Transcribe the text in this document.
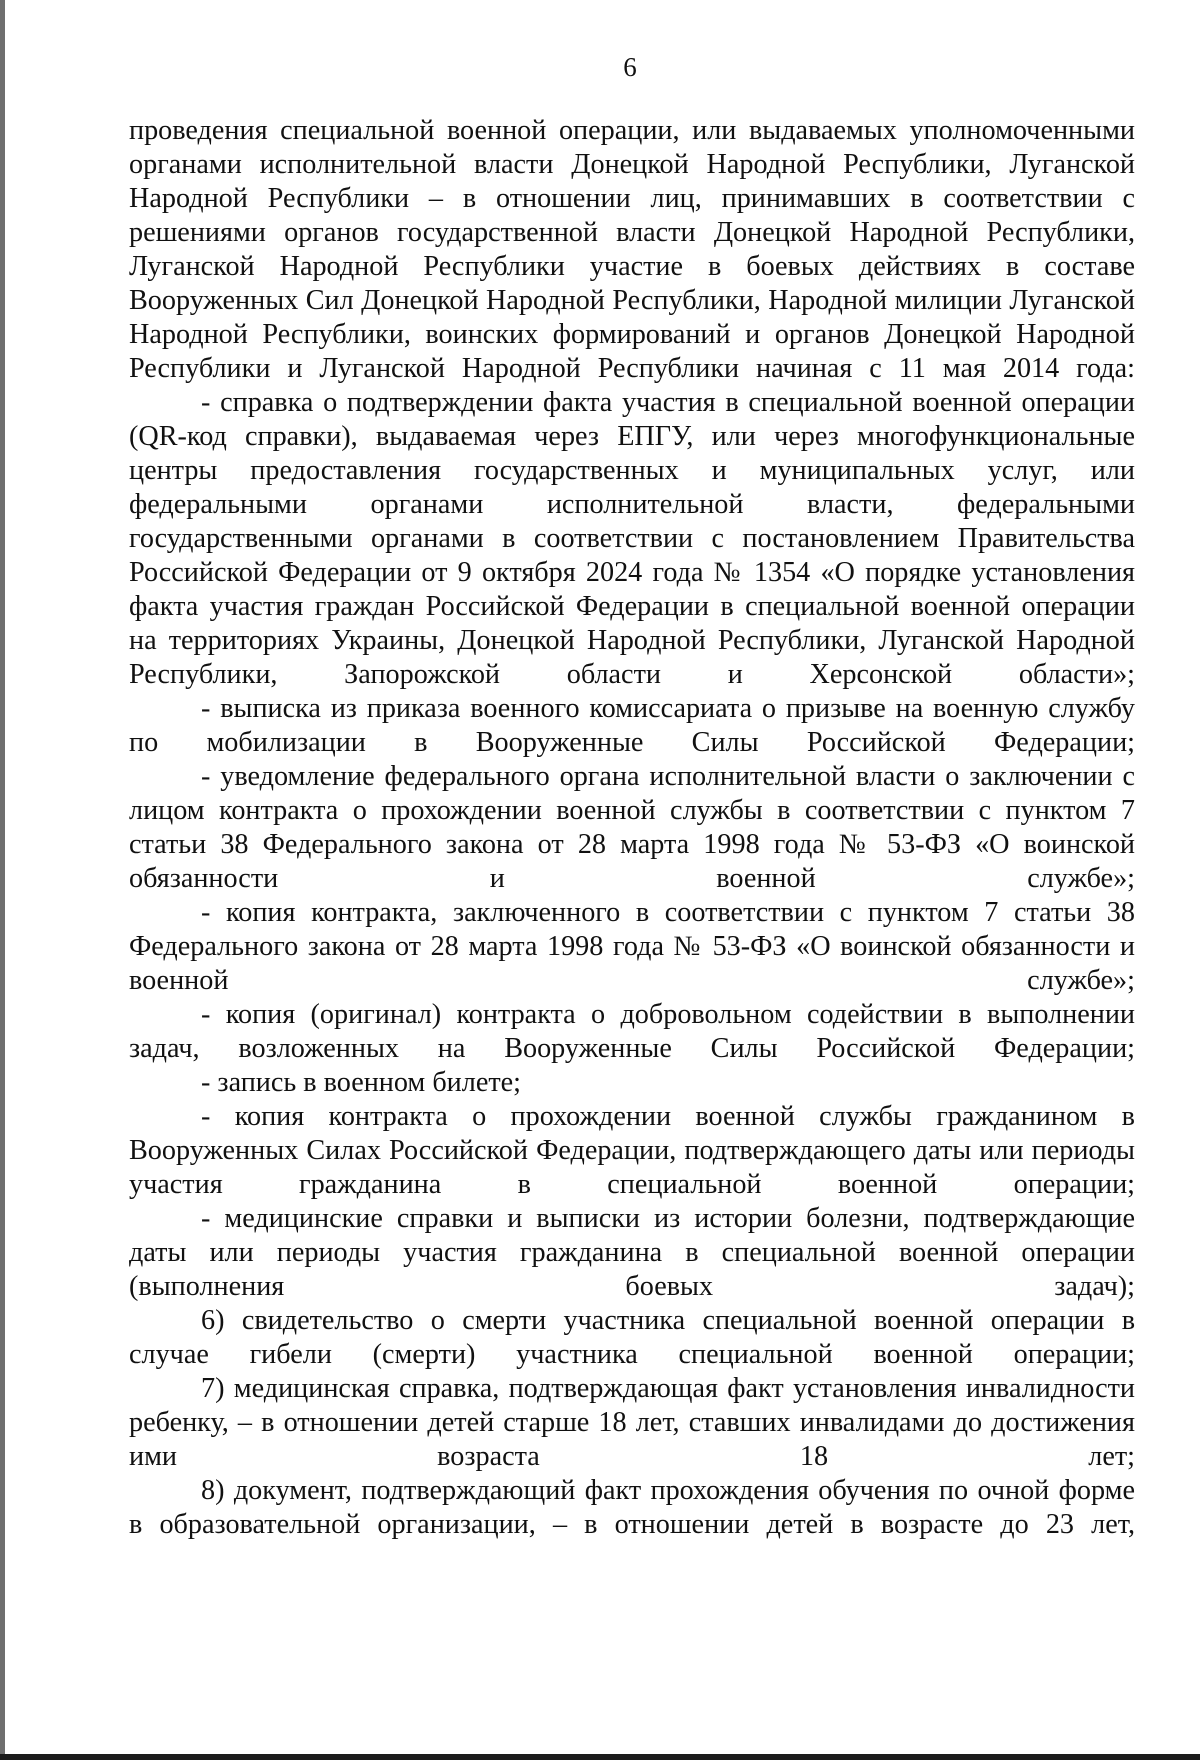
6

проведения специальной военной операции, или выдаваемых уполномоченными органами исполнительной власти Донецкой Народной Республики, Луганской Народной Республики – в отношении лиц, принимавших в соответствии с решениями органов государственной власти Донецкой Народной Республики, Луганской Народной Республики участие в боевых действиях в составе Вооруженных Сил Донецкой Народной Республики, Народной милиции Луганской Народной Республики, воинских формирований и органов Донецкой Народной Республики и Луганской Народной Республики начиная с 11 мая 2014 года:

- справка о подтверждении факта участия в специальной военной операции (QR-код справки), выдаваемая через ЕПГУ, или через многофункциональные центры предоставления государственных и муниципальных услуг, или федеральными органами исполнительной власти, федеральными государственными органами в соответствии с постановлением Правительства Российской Федерации от 9 октября 2024 года № 1354 «О порядке установления факта участия граждан Российской Федерации в специальной военной операции на территориях Украины, Донецкой Народной Республики, Луганской Народной Республики, Запорожской области и Херсонской области»;

- выписка из приказа военного комиссариата о призыве на военную службу по мобилизации в Вооруженные Силы Российской Федерации;

- уведомление федерального органа исполнительной власти о заключении с лицом контракта о прохождении военной службы в соответствии с пунктом 7 статьи 38 Федерального закона от 28 марта 1998 года № 53-ФЗ «О воинской обязанности и военной службе»;

- копия контракта, заключенного в соответствии с пунктом 7 статьи 38 Федерального закона от 28 марта 1998 года № 53-ФЗ «О воинской обязанности и военной службе»;

- копия (оригинал) контракта о добровольном содействии в выполнении задач, возложенных на Вооруженные Силы Российской Федерации;

- запись в военном билете;

- копия контракта о прохождении военной службы гражданином в Вооруженных Силах Российской Федерации, подтверждающего даты или периоды участия гражданина в специальной военной операции;

- медицинские справки и выписки из истории болезни, подтверждающие даты или периоды участия гражданина в специальной военной операции (выполнения боевых задач);

6) свидетельство о смерти участника специальной военной операции в случае гибели (смерти) участника специальной военной операции;

7) медицинская справка, подтверждающая факт установления инвалидности ребенку, – в отношении детей старше 18 лет, ставших инвалидами до достижения ими возраста 18 лет;

8) документ, подтверждающий факт прохождения обучения по очной форме в образовательной организации, – в отношении детей в возрасте до 23 лет,
